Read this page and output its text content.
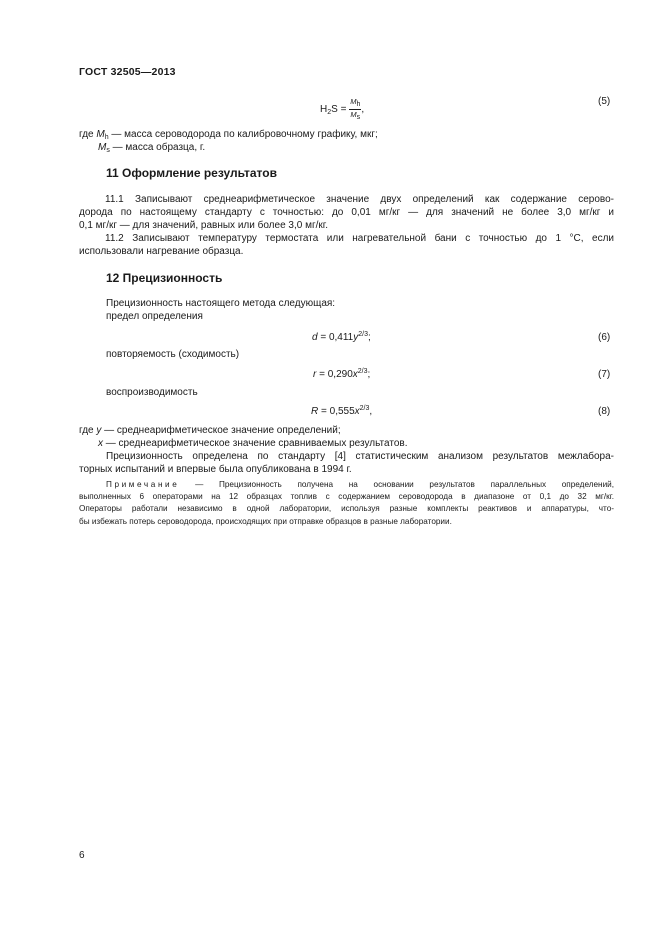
ГОСТ 32505—2013
$H_2S = \frac{Mh}{Ms}$ ,
(5)
где $M_h$ — масса сероводорода по калибровочному графику, мкг;
$M_s$ — масса образца, г.
11 Оформление результатов
11.1 Записывают среднеарифметическое значение двух определений как содержание серово-
дорода по настоящему стандарту с точностью: до 0,01 мг/кг — для значений не более 3,0 мг/кг и
0,1 мг/кг — для значений, равных или более 3,0 мг/кг.
11.2 Записывают температуру термостата или нагревательной бани с точностью до 1 °С, если
использовали нагревание образца.
12 Прецизионность
Прецизионность настоящего метода следующая:
предел определения
$d = 0,411y^{2/3}$;	(6)
повторяемость (сходимость)
$r = 0,290x^{2/3}$;	(7)
воспроизводимость
$R = 0,555x^{2/3}$,	(8)
где y — среднеарифметическое значение определений;
x — среднеарифметическое значение сравниваемых результатов.
Прецизионность определена по стандарту [4] статистическим анализом результатов межлабора-
торных испытаний и впервые была опубликована в 1994 г.
Примечание — Прецизионность получена на основании результатов параллельных определений,
выполненных 6 операторами на 12 образцах топлив с содержанием сероводорода в диапазоне от 0,1 до 32 мг/кг.
Операторы работали независимо в одной лаборатории, используя разные комплекты реактивов и аппаратуры, что-
бы избежать потерь сероводорода, происходящих при отправке образцов в разные лаборатории.
6
